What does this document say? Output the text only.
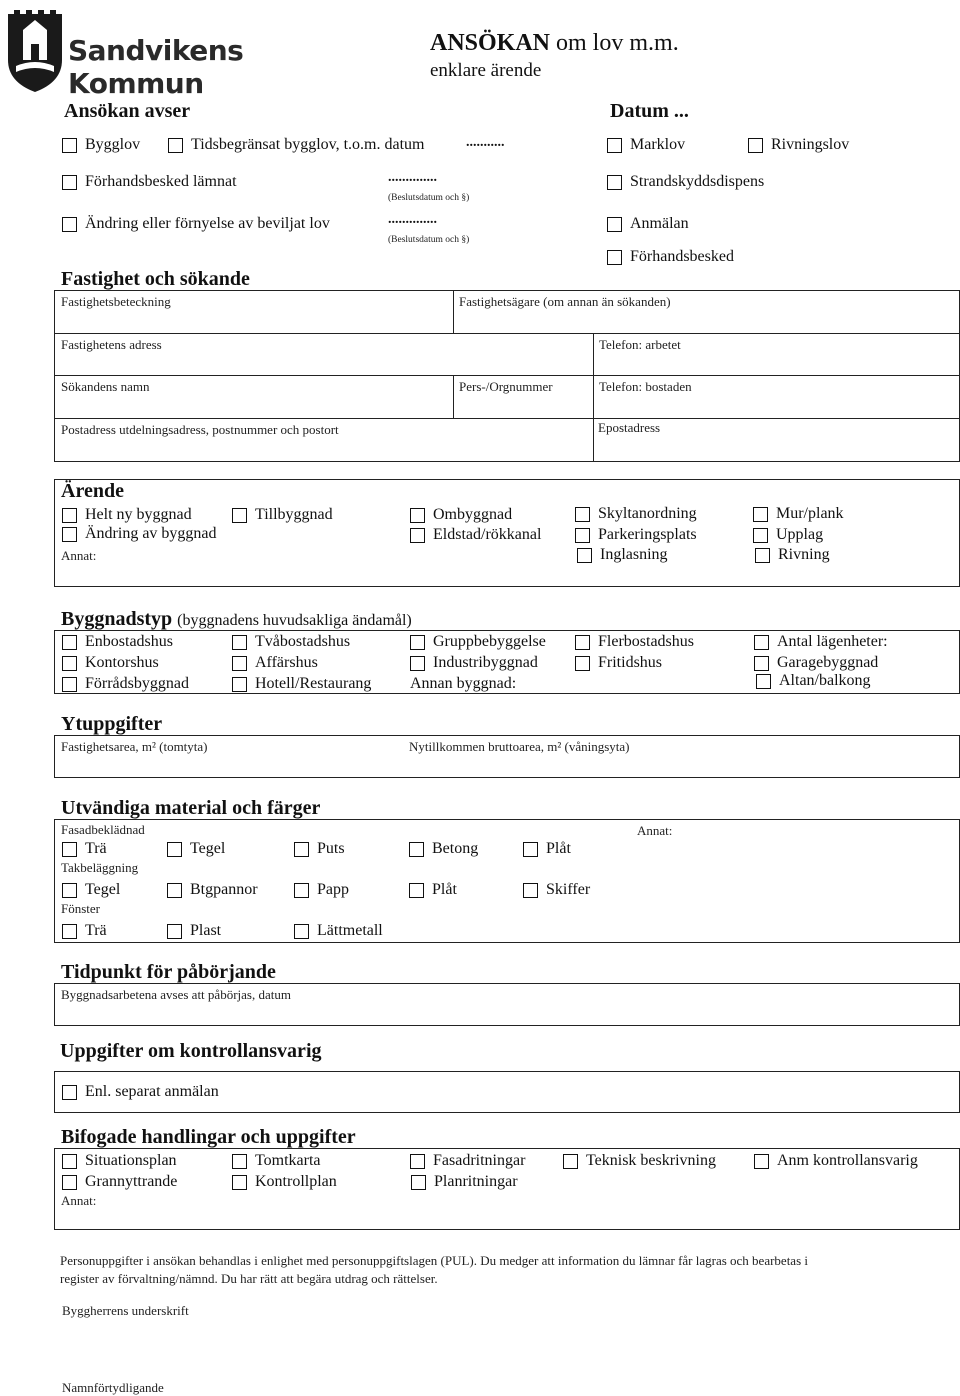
Sandvikens Kommun
ANSÖKAN om lov m.m.
enklare ärende
Ansökan avser	Datum ...
Bygglov	Tidsbegränsat bygglov, t.o.m. datum	...........	Marklov	Rivningslov
Förhandsbesked lämnat	..............
(Beslutsdatum och §)
Strandskyddsdispens
Ändring eller förnyelse av beviljat lov	..............
(Beslutsdatum och §)
Anmälan
Förhandsbesked
Fastighet och sökande
Fastighetsbeteckning	Fastighetsägare (om annan än sökanden)
Fastighetens adress	Telefon: arbetet
Sökandens namn	Pers-/Orgnummer	Telefon: bostaden
Postadress utdelningsadress, postnummer och postort	Epostadress
Ärende
Helt ny byggnad	Tillbyggnad	Ombyggnad	Skyltanordning	Mur/plank
Ändring av byggnad	Eldstad/rökkanal	Parkeringsplats	Upplag
Inglasning	Rivning
Annat:
Byggnadstyp (byggnadens huvudsakliga ändamål)
Enbostadshus	Tvåbostadshus	Gruppbebyggelse	Flerbostadshus	Antal lägenheter:
Kontorshus	Affärshus	Industribyggnad	Fritidshus	Garagebyggnad
Förrådsbyggnad	Hotell/Restaurang Annan byggnad:	Altan/balkong
Ytuppgifter
Fastighetsarea, m² (tomtyta)	Nytillkommen bruttoarea, m² (våningsyta)
Utvändiga material och färger
Fasadbeklädnad	Annat:
Trä	Tegel	Puts	Betong	Plåt
Takbeläggning
Tegel	Btgpannor	Papp	Plåt	Skiffer
Fönster
Trä	Plast	Lättmetall
Tidpunkt för påbörjande
Byggnadsarbetena avses att påbörjas, datum
Uppgifter om kontrollansvarig
Enl. separat anmälan
Bifogade handlingar och uppgifter
Situationsplan	Tomtkarta	Fasadritningar	Teknisk beskrivning	Anm kontrollansvarig
Grannyttrande	Kontrollplan	Planritningar
Annat:
Personuppgifter i ansökan behandlas i enlighet med personuppgiftslagen (PUL). Du medger att information du lämnar får lagras och bearbetas i
register av förvaltning/nämnd. Du har rätt att begära utdrag och rättelser.
Byggherrens underskrift
Namnförtydligande
